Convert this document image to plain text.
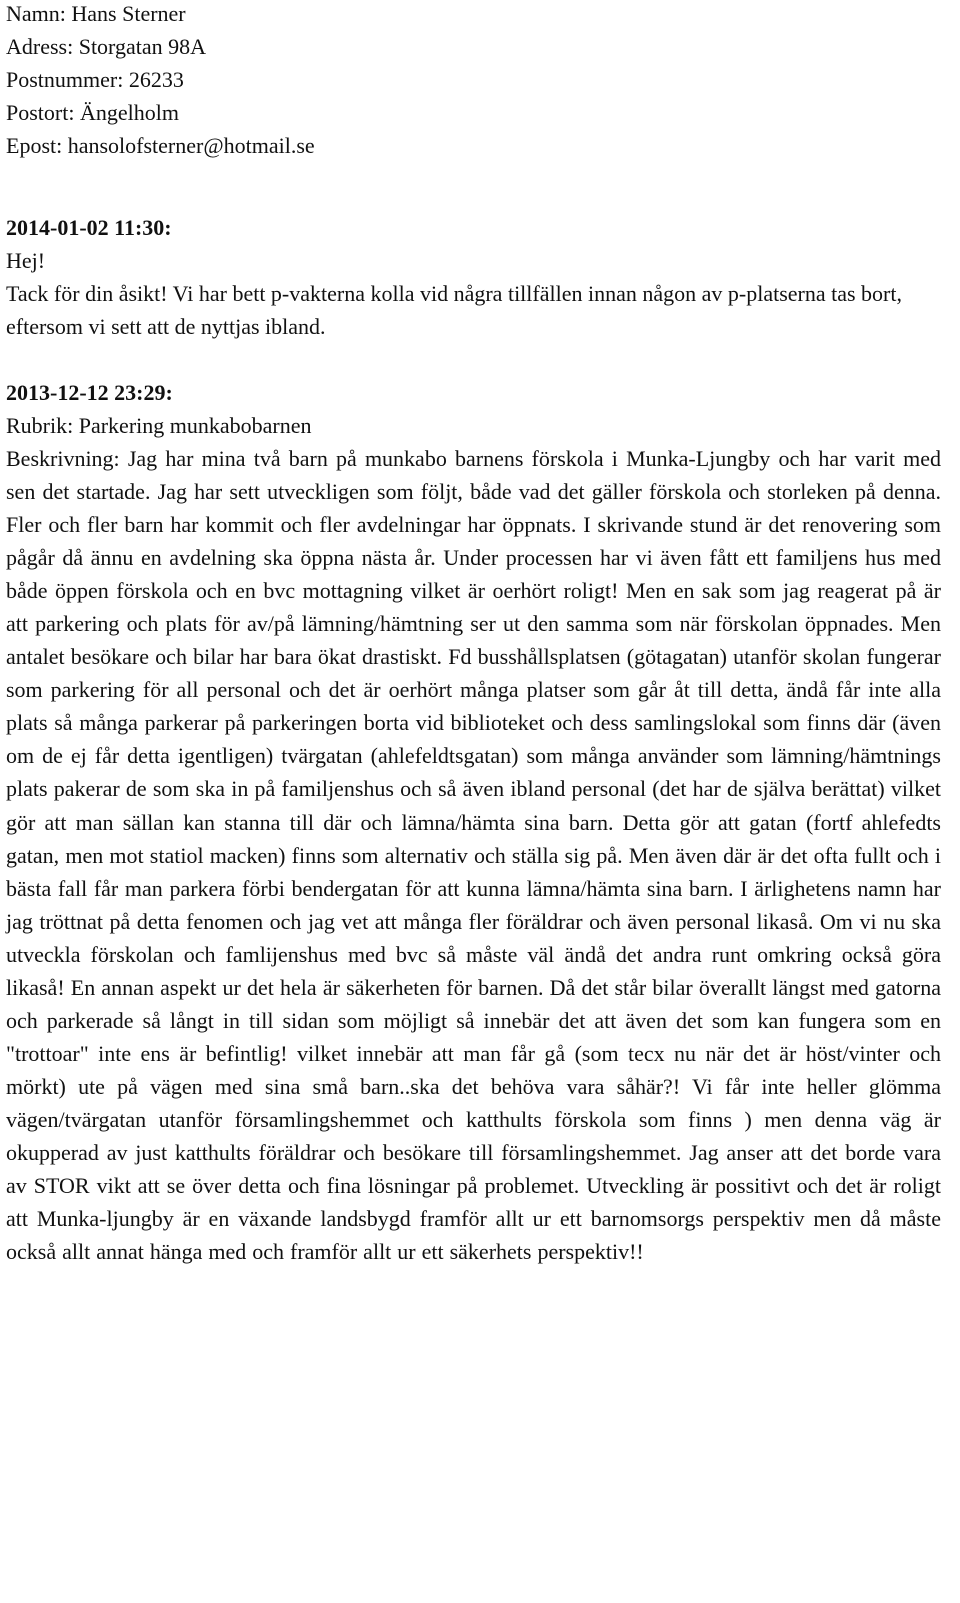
Namn: Hans Sterner
Adress: Storgatan 98A
Postnummer: 26233
Postort: Ängelholm
Epost: hansolofsterner@hotmail.se
2014-01-02 11:30:
Hej!
Tack för din åsikt! Vi har bett p-vakterna kolla vid några tillfällen innan någon av p-platserna tas bort, eftersom vi sett att de nyttjas ibland.
2013-12-12 23:29:
Rubrik: Parkering munkabobarnen
Beskrivning: Jag har mina två barn på munkabo barnens förskola i Munka-Ljungby och har varit med sen det startade. Jag har sett utveckligen som följt, både vad det gäller förskola och storleken på denna. Fler och fler barn har kommit och fler avdelningar har öppnats. I skrivande stund är det renovering som pågår då ännu en avdelning ska öppna nästa år. Under processen har vi även fått ett familjens hus med både öppen förskola och en bvc mottagning vilket är oerhört roligt! Men en sak som jag reagerat på är att parkering och plats för av/på lämning/hämtning ser ut den samma som när förskolan öppnades. Men antalet besökare och bilar har bara ökat drastiskt. Fd busshållsplatsen (götagatan) utanför skolan fungerar som parkering för all personal och det är oerhört många platser som går åt till detta, ändå får inte alla plats så många parkerar på parkeringen borta vid biblioteket och dess samlingslokal som finns där (även om de ej får detta igentligen) tvärgatan (ahlefeldtsgatan) som många använder som lämning/hämtnings plats pakerar de som ska in på familjenshus och så även ibland personal (det har de själva berättat) vilket gör att man sällan kan stanna till där och lämna/hämta sina barn. Detta gör att gatan (fortf ahlefedts gatan, men mot statiol macken) finns som alternativ och ställa sig på. Men även där är det ofta fullt och i bästa fall får man parkera förbi bendergatan för att kunna lämna/hämta sina barn. I ärlighetens namn har jag tröttnat på detta fenomen och jag vet att många fler föräldrar och även personal likaså. Om vi nu ska utveckla förskolan och famlijenshus med bvc så måste väl ändå det andra runt omkring också göra likaså! En annan aspekt ur det hela är säkerheten för barnen. Då det står bilar överallt längst med gatorna och parkerade så långt in till sidan som möjligt så innebär det att även det som kan fungera som en "trottoar" inte ens är befintlig! vilket innebär att man får gå (som tecx nu när det är höst/vinter och mörkt) ute på vägen med sina små barn..ska det behöva vara såhär?! Vi får inte heller glömma vägen/tvärgatan utanför församlingshemmet och katthults förskola som finns ) men denna väg är okupperad av just katthults föräldrar och besökare till församlingshemmet. Jag anser att det borde vara av STOR vikt att se över detta och fina lösningar på problemet. Utveckling är possitivt och det är roligt att Munka-ljungby är en växande landsbygd framför allt ur ett barnomsorgs perspektiv men då måste också allt annat hänga med och framför allt ur ett säkerhets perspektiv!!
